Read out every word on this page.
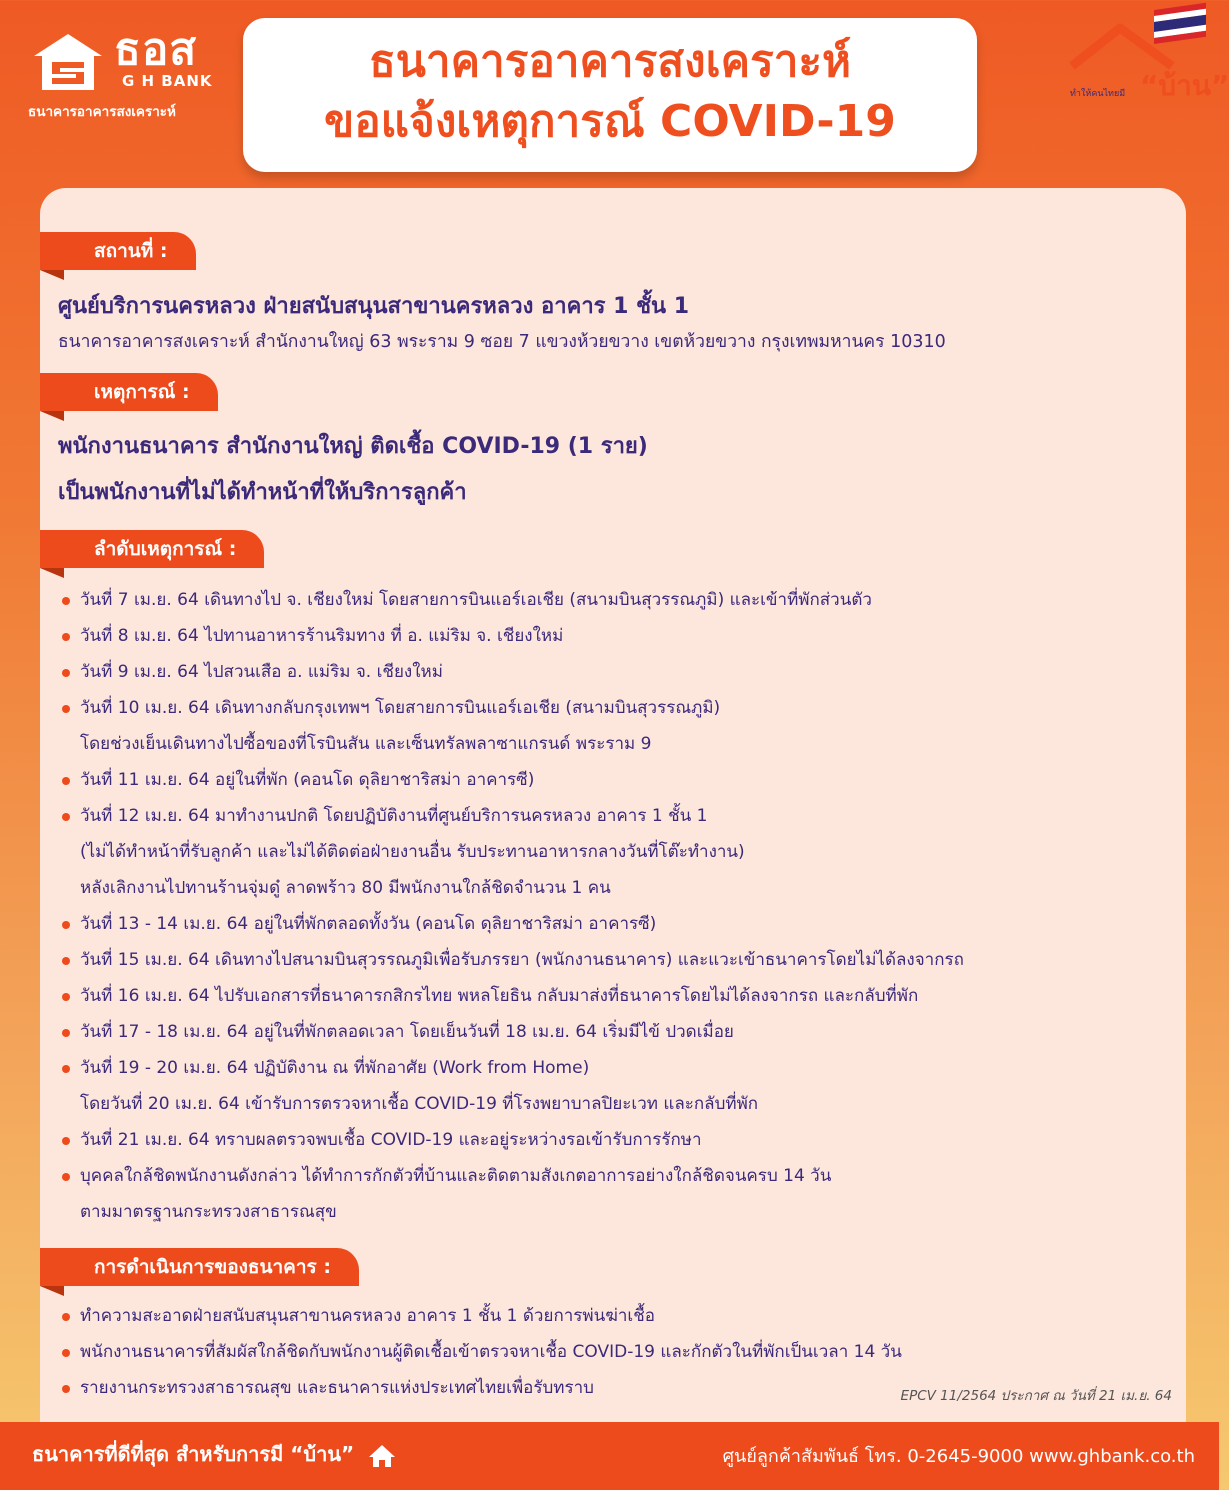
ธอส
G H BANK
ธนาคารอาคารสงเคราะห์
ธนาคารอาคารสงเคราะห์
ขอแจ้งเหตุการณ์ COVID-19
ทำให้คนไทยมี “บ้าน”
สถานที่ :
ศูนย์บริการนครหลวง ฝ่ายสนับสนุนสาขานครหลวง อาคาร 1 ชั้น 1
ธนาคารอาคารสงเคราะห์ สำนักงานใหญ่ 63 พระราม 9 ซอย 7 แขวงห้วยขวาง เขตห้วยขวาง กรุงเทพมหานคร 10310
เหตุการณ์ :
พนักงานธนาคาร สำนักงานใหญ่ ติดเชื้อ COVID-19 (1 ราย)
เป็นพนักงานที่ไม่ได้ทำหน้าที่ให้บริการลูกค้า
ลำดับเหตุการณ์ :
วันที่ 7 เม.ย. 64 เดินทางไป จ. เชียงใหม่ โดยสายการบินแอร์เอเชีย (สนามบินสุวรรณภูมิ) และเข้าที่พักส่วนตัว
วันที่ 8 เม.ย. 64 ไปทานอาหารร้านริมทาง ที่ อ. แม่ริม จ. เชียงใหม่
วันที่ 9 เม.ย. 64 ไปสวนเสือ อ. แม่ริม จ. เชียงใหม่
วันที่ 10 เม.ย. 64 เดินทางกลับกรุงเทพฯ โดยสายการบินแอร์เอเชีย (สนามบินสุวรรณภูมิ)
โดยช่วงเย็นเดินทางไปซื้อของที่โรบินสัน และเซ็นทรัลพลาซาแกรนด์ พระราม 9
วันที่ 11 เม.ย. 64 อยู่ในที่พัก (คอนโด ดุลิยาชาริสม่า อาคารซี)
วันที่ 12 เม.ย. 64 มาทำงานปกติ โดยปฏิบัติงานที่ศูนย์บริการนครหลวง อาคาร 1 ชั้น 1
(ไม่ได้ทำหน้าที่รับลูกค้า และไม่ได้ติดต่อฝ่ายงานอื่น รับประทานอาหารกลางวันที่โต๊ะทำงาน)
หลังเลิกงานไปทานร้านจุ่มดู๋ ลาดพร้าว 80 มีพนักงานใกล้ชิดจำนวน 1 คน
วันที่ 13 - 14 เม.ย. 64 อยู่ในที่พักตลอดทั้งวัน (คอนโด ดุลิยาชาริสม่า อาคารซี)
วันที่ 15 เม.ย. 64 เดินทางไปสนามบินสุวรรณภูมิเพื่อรับภรรยา (พนักงานธนาคาร) และแวะเข้าธนาคารโดยไม่ได้ลงจากรถ
วันที่ 16 เม.ย. 64 ไปรับเอกสารที่ธนาคารกสิกรไทย พหลโยธิน กลับมาส่งที่ธนาคารโดยไม่ได้ลงจากรถ และกลับที่พัก
วันที่ 17 - 18 เม.ย. 64 อยู่ในที่พักตลอดเวลา โดยเย็นวันที่ 18 เม.ย. 64 เริ่มมีไข้ ปวดเมื่อย
วันที่ 19 - 20 เม.ย. 64 ปฏิบัติงาน ณ ที่พักอาศัย (Work from Home)
โดยวันที่ 20 เม.ย. 64 เข้ารับการตรวจหาเชื้อ COVID-19 ที่โรงพยาบาลปิยะเวท และกลับที่พัก
วันที่ 21 เม.ย. 64 ทราบผลตรวจพบเชื้อ COVID-19 และอยู่ระหว่างรอเข้ารับการรักษา
บุคคลใกล้ชิดพนักงานดังกล่าว ได้ทำการกักตัวที่บ้านและติดตามสังเกตอาการอย่างใกล้ชิดจนครบ 14 วัน
ตามมาตรฐานกระทรวงสาธารณสุข
การดำเนินการของธนาคาร :
ทำความสะอาดฝ่ายสนับสนุนสาขานครหลวง อาคาร 1 ชั้น 1 ด้วยการพ่นฆ่าเชื้อ
พนักงานธนาคารที่สัมผัสใกล้ชิดกับพนักงานผู้ติดเชื้อเข้าตรวจหาเชื้อ COVID-19 และกักตัวในที่พักเป็นเวลา 14 วัน
รายงานกระทรวงสาธารณสุข และธนาคารแห่งประเทศไทยเพื่อรับทราบ	EPCV 11/2564 ประกาศ ณ วันที่ 21 เม.ย. 64
ธนาคารที่ดีที่สุด สำหรับการมี “บ้าน”	ศูนย์ลูกค้าสัมพันธ์ โทร. 0-2645-9000 www.ghbank.co.th
